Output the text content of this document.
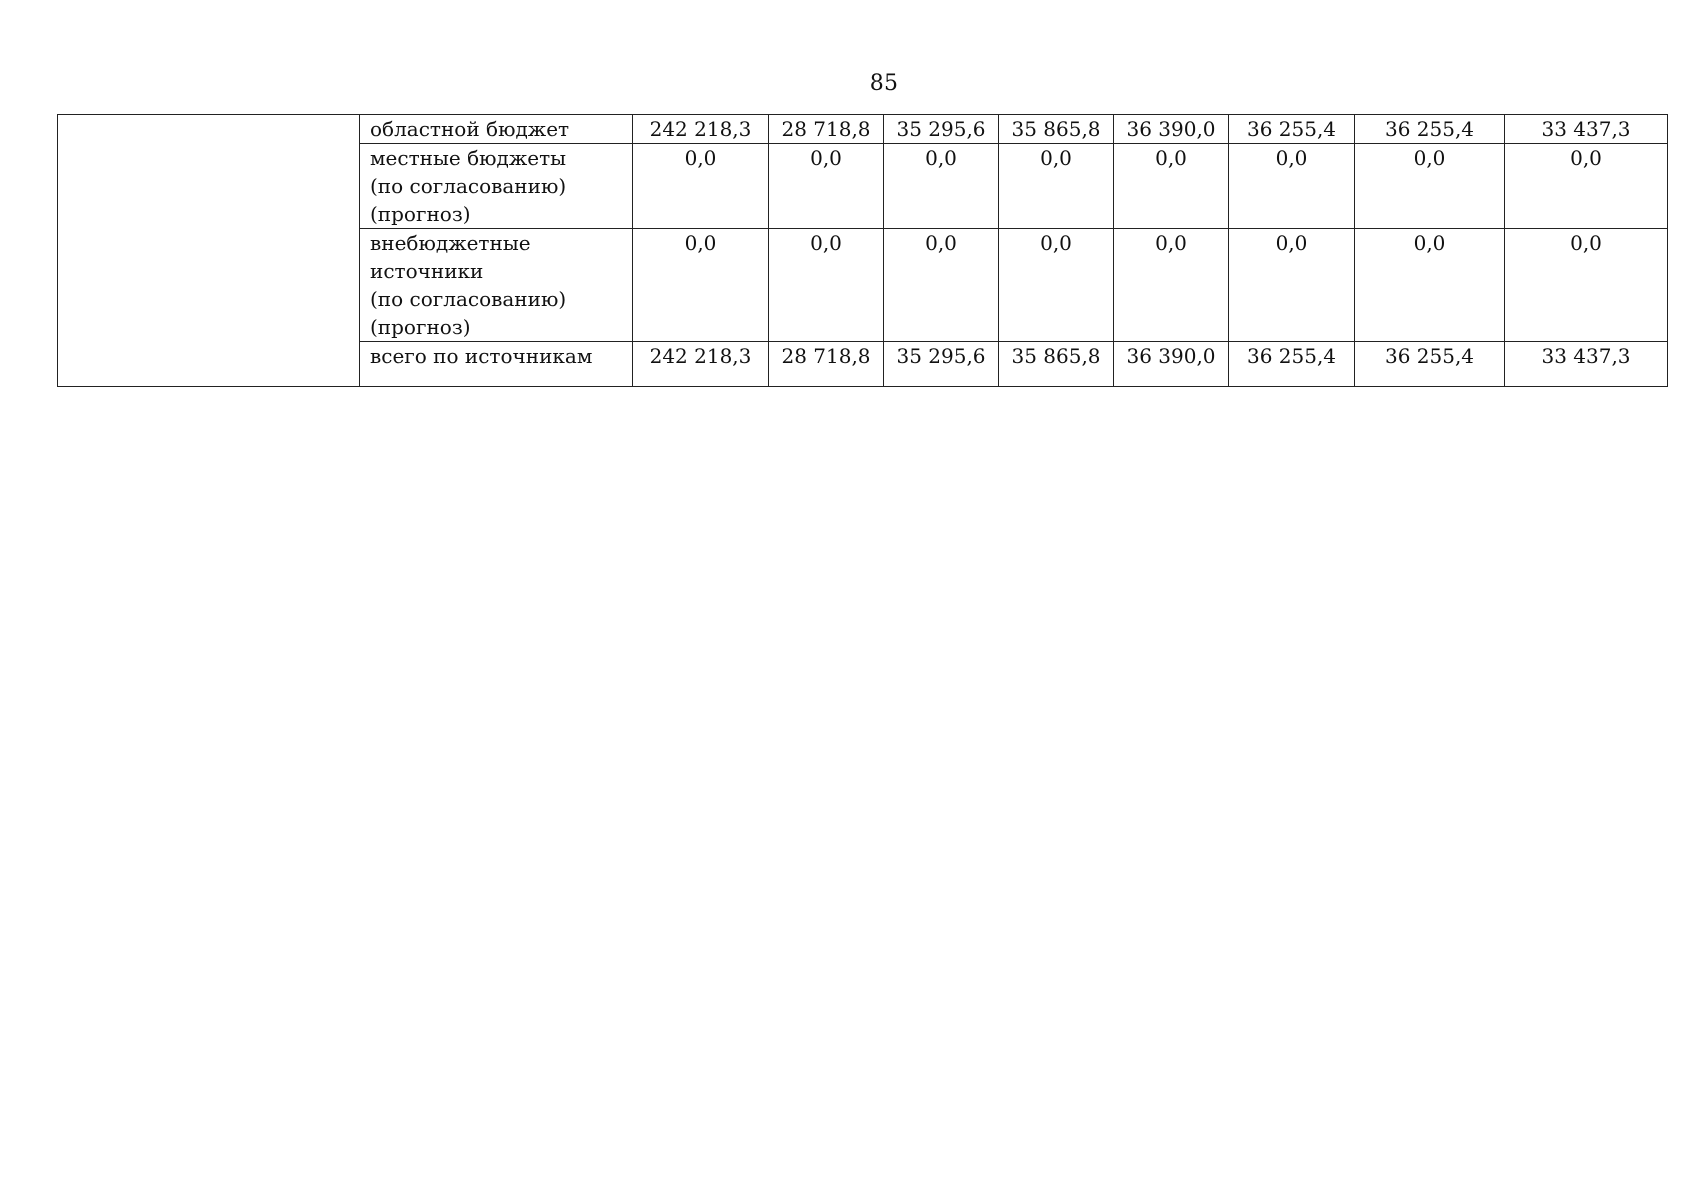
85

	областной бюджет	242 218,3	28 718,8	35 295,6	35 865,8	36 390,0	36 255,4	36 255,4	33 437,3

	местные бюджеты
(по согласованию)
(прогноз)	0,0	0,0	0,0	0,0	0,0	0,0	0,0	0,0

	внебюджетные
источники
(по согласованию)
(прогноз)	0,0	0,0	0,0	0,0	0,0	0,0	0,0	0,0

	всего по источникам	242 218,3	28 718,8	35 295,6	35 865,8	36 390,0	36 255,4	36 255,4	33 437,3
